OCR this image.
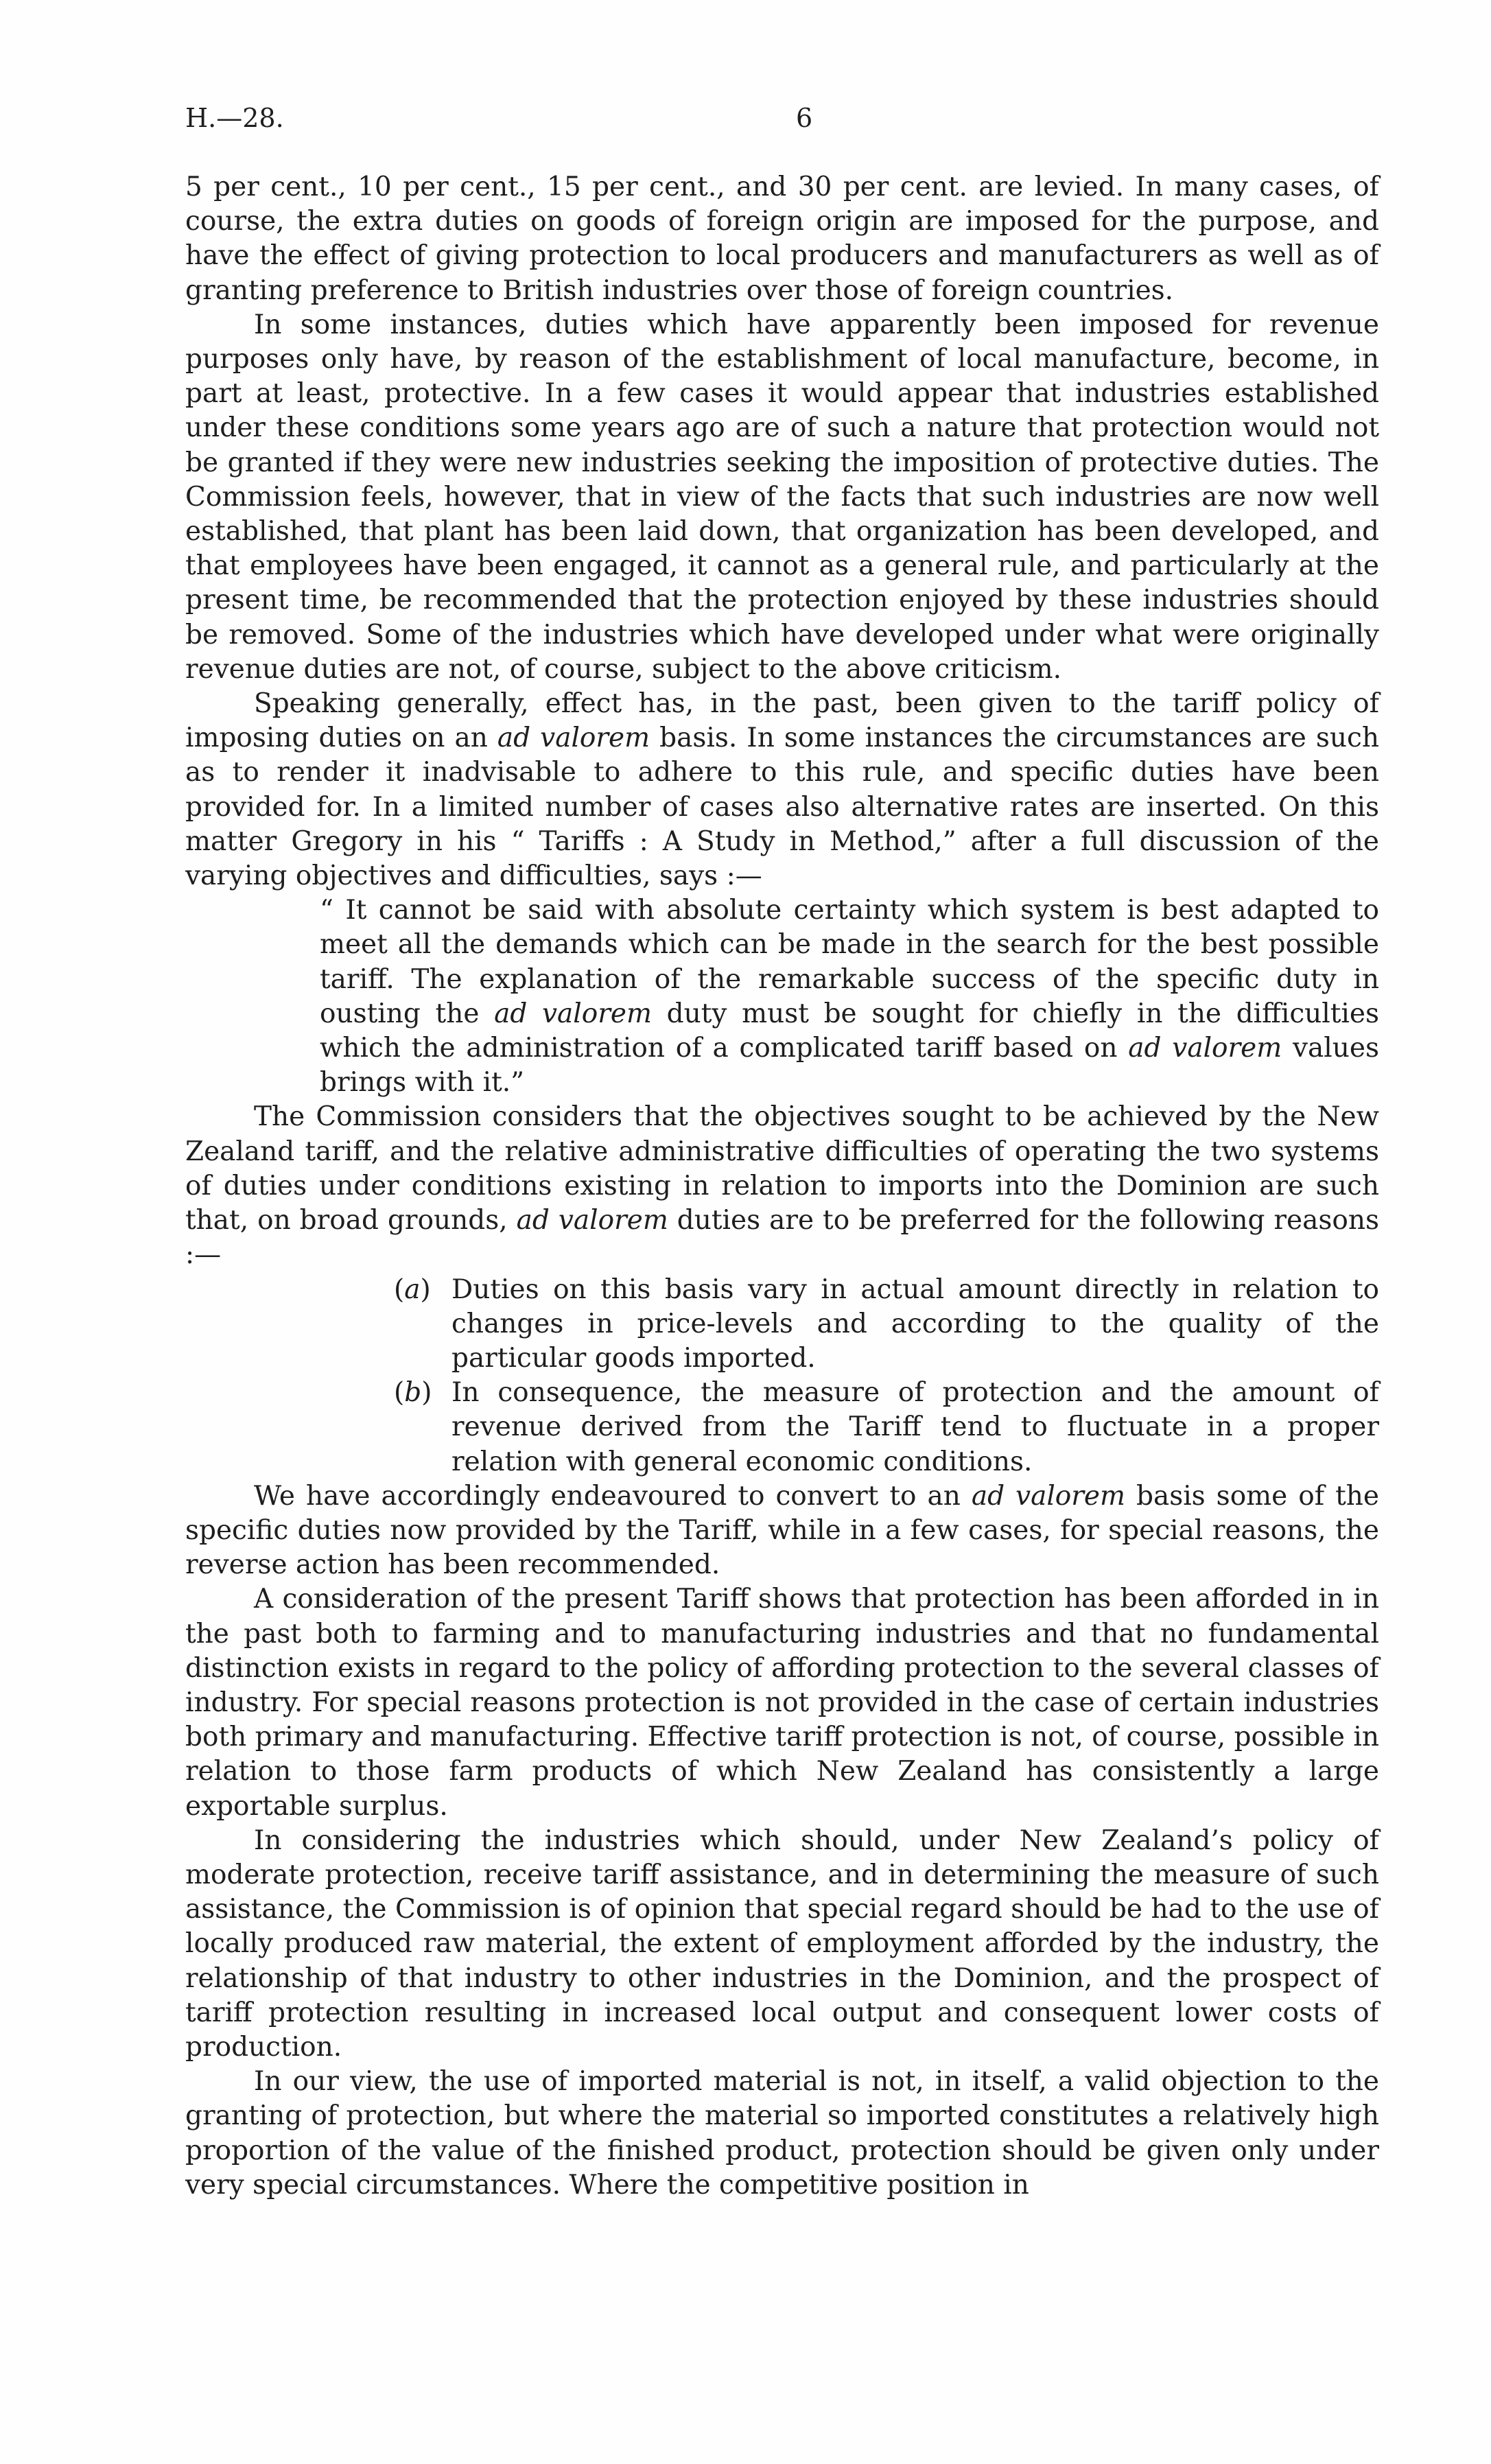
H.—28.	6

5 per cent., 10 per cent., 15 per cent., and 30 per cent. are levied. In many cases, of course, the extra duties on goods of foreign origin are imposed for the purpose, and have the effect of giving protection to local producers and manufacturers as well as of granting preference to British industries over those of foreign countries.

In some instances, duties which have apparently been imposed for revenue purposes only have, by reason of the establishment of local manufacture, become, in part at least, protective. In a few cases it would appear that industries established under these conditions some years ago are of such a nature that protection would not be granted if they were new industries seeking the imposition of protective duties. The Commission feels, however, that in view of the facts that such industries are now well established, that plant has been laid down, that organization has been developed, and that employees have been engaged, it cannot as a general rule, and particularly at the present time, be recommended that the protection enjoyed by these industries should be removed. Some of the industries which have developed under what were originally revenue duties are not, of course, subject to the above criticism.

Speaking generally, effect has, in the past, been given to the tariff policy of imposing duties on an ad valorem basis. In some instances the circumstances are such as to render it inadvisable to adhere to this rule, and specific duties have been provided for. In a limited number of cases also alternative rates are inserted. On this matter Gregory in his “ Tariffs : A Study in Method,” after a full discussion of the varying objectives and difficulties, says :—

“ It cannot be said with absolute certainty which system is best adapted to meet all the demands which can be made in the search for the best possible tariff. The explanation of the remarkable success of the specific duty in ousting the ad valorem duty must be sought for chiefly in the difficulties which the administration of a complicated tariff based on ad valorem values brings with it.”

The Commission considers that the objectives sought to be achieved by the New Zealand tariff, and the relative administrative difficulties of operating the two systems of duties under conditions existing in relation to imports into the Dominion are such that, on broad grounds, ad valorem duties are to be preferred for the following reasons :—

(a) Duties on this basis vary in actual amount directly in relation to changes in price-levels and according to the quality of the particular goods imported.

(b) In consequence, the measure of protection and the amount of revenue derived from the Tariff tend to fluctuate in a proper relation with general economic conditions.

We have accordingly endeavoured to convert to an ad valorem basis some of the specific duties now provided by the Tariff, while in a few cases, for special reasons, the reverse action has been recommended.

A consideration of the present Tariff shows that protection has been afforded in in the past both to farming and to manufacturing industries and that no fundamental distinction exists in regard to the policy of affording protection to the several classes of industry. For special reasons protection is not provided in the case of certain industries both primary and manufacturing. Effective tariff protection is not, of course, possible in relation to those farm products of which New Zealand has consistently a large exportable surplus.

In considering the industries which should, under New Zealand’s policy of moderate protection, receive tariff assistance, and in determining the measure of such assistance, the Commission is of opinion that special regard should be had to the use of locally produced raw material, the extent of employment afforded by the industry, the relationship of that industry to other industries in the Dominion, and the prospect of tariff protection resulting in increased local output and consequent lower costs of production.

In our view, the use of imported material is not, in itself, a valid objection to the granting of protection, but where the material so imported constitutes a relatively high proportion of the value of the finished product, protection should be given only under very special circumstances. Where the competitive position in
